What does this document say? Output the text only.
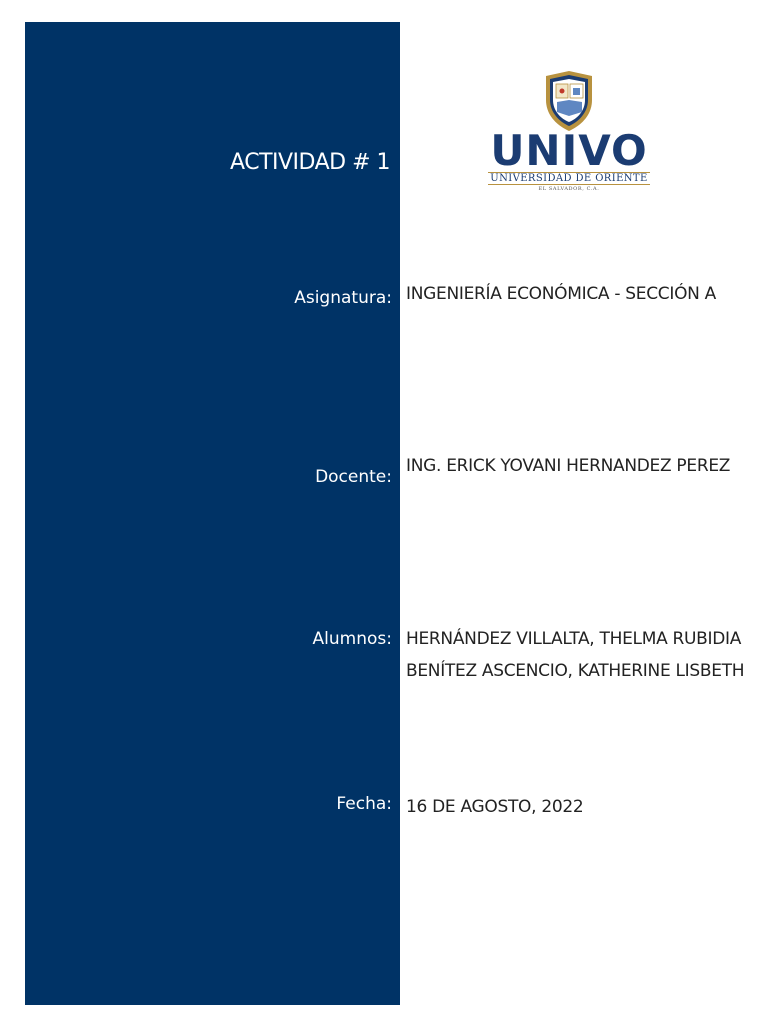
ACTIVIDAD # 1 UNIVO
UNIVERSIDAD DE ORIENTE
EL SALVADOR, C.A.
Asignatura: INGENIERÍA ECONÓMICA - SECCIÓN A
Docente:
ING. ERICK YOVANI HERNANDEZ PEREZ
Alumnos: HERNÁNDEZ VILLALTA, THELMA RUBIDIA
BENÍTEZ ASCENCIO, KATHERINE LISBETH
Fecha: 16 DE AGOSTO, 2022
